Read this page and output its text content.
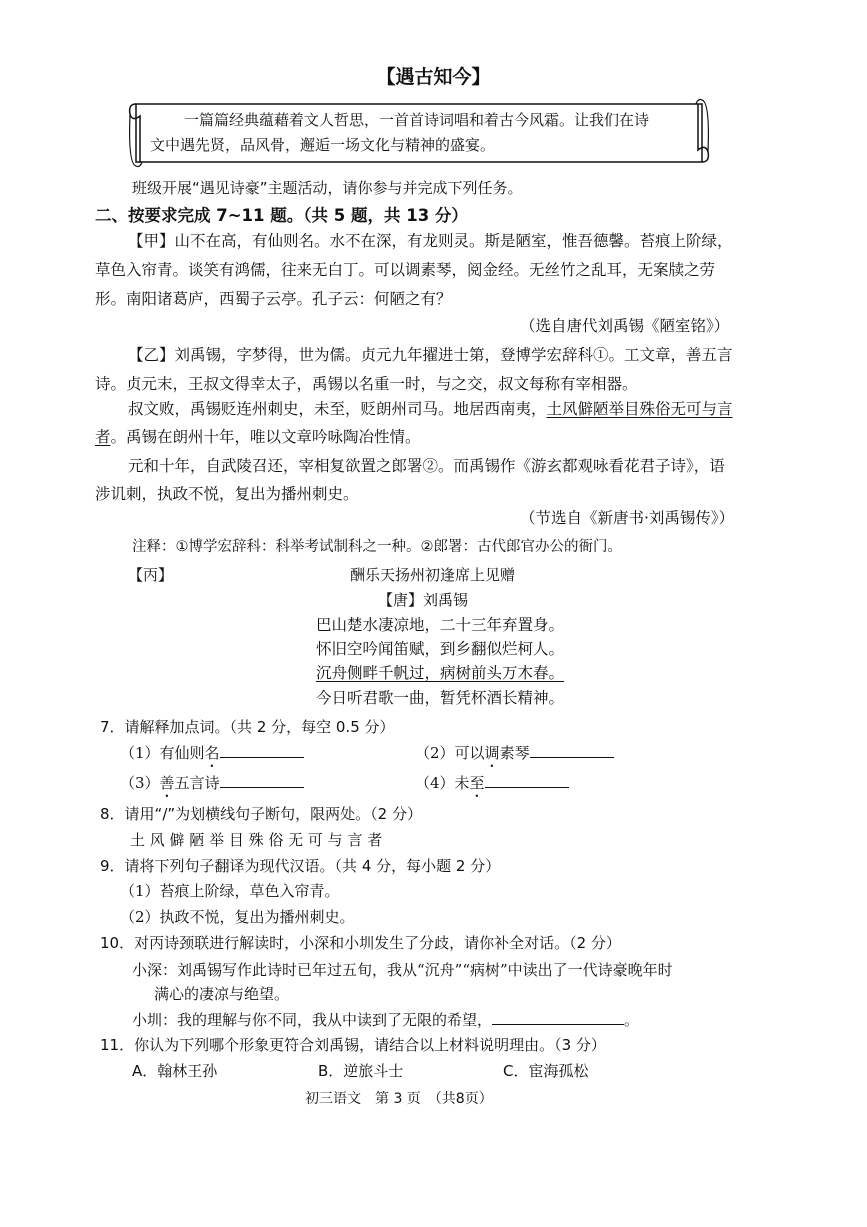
【遇古知今】
一篇篇经典蕴藉着文人哲思，一首首诗词唱和着古今风霜。让我们在诗
文中遇先贤，品风骨，邂逅一场文化与精神的盛宴。
班级开展“遇见诗豪”主题活动，请你参与并完成下列任务。
二、按要求完成 7~11 题。（共 5 题，共 13 分）
【甲】山不在高，有仙则名。水不在深，有龙则灵。斯是陋室，惟吾德馨。苔痕上阶绿，
草色入帘青。谈笑有鸿儒，往来无白丁。可以调素琴，阅金经。无丝竹之乱耳，无案牍之劳
形。南阳诸葛庐，西蜀子云亭。孔子云：何陋之有？
（选自唐代刘禹锡《陋室铭》）
【乙】刘禹锡，字梦得，世为儒。贞元九年擢进士第，登博学宏辞科①。工文章，善五言
诗。贞元末，王叔文得幸太子，禹锡以名重一时，与之交，叔文每称有宰相器。
叔文败，禹锡贬连州刺史，未至，贬朗州司马。地居西南夷，土风僻陋举目殊俗无可与言
者。禹锡在朗州十年，唯以文章吟咏陶冶性情。
元和十年，自武陵召还，宰相复欲置之郎署②。而禹锡作《游玄都观咏看花君子诗》，语
涉讥刺，执政不悦，复出为播州刺史。
（节选自《新唐书·刘禹锡传》）
注释：①博学宏辞科：科举考试制科之一种。②郎署：古代郎官办公的衙门。
【丙】	酬乐天扬州初逢席上见赠
【唐】刘禹锡
巴山楚水凄凉地，二十三年弃置身。
怀旧空吟闻笛赋，到乡翻似烂柯人。
沉舟侧畔千帆过，病树前头万木春。
今日听君歌一曲，暂凭杯酒长精神。
7．请解释加点词。（共 2 分，每空 0.5 分）
（1）有仙则名	（2）可以调素琴
（3）善五言诗	（4）未至
8．请用“/”为划横线句子断句，限两处。（2 分）
土 风 僻 陋 举 目 殊 俗 无 可 与 言 者
9．请将下列句子翻译为现代汉语。（共 4 分，每小题 2 分）
（1）苔痕上阶绿，草色入帘青。
（2）执政不悦，复出为播州刺史。
10．对丙诗颈联进行解读时，小深和小圳发生了分歧，请你补全对话。（2 分）
小深：刘禹锡写作此诗时已年过五旬，我从“沉舟”“病树”中读出了一代诗豪晚年时
满心的凄凉与绝望。
小圳：我的理解与你不同，我从中读到了无限的希望，	。
11．你认为下列哪个形象更符合刘禹锡，请结合以上材料说明理由。（3 分）
A．翰林王孙	B．逆旅斗士	C．宦海孤松
初三语文　第 3 页　（共8页）
